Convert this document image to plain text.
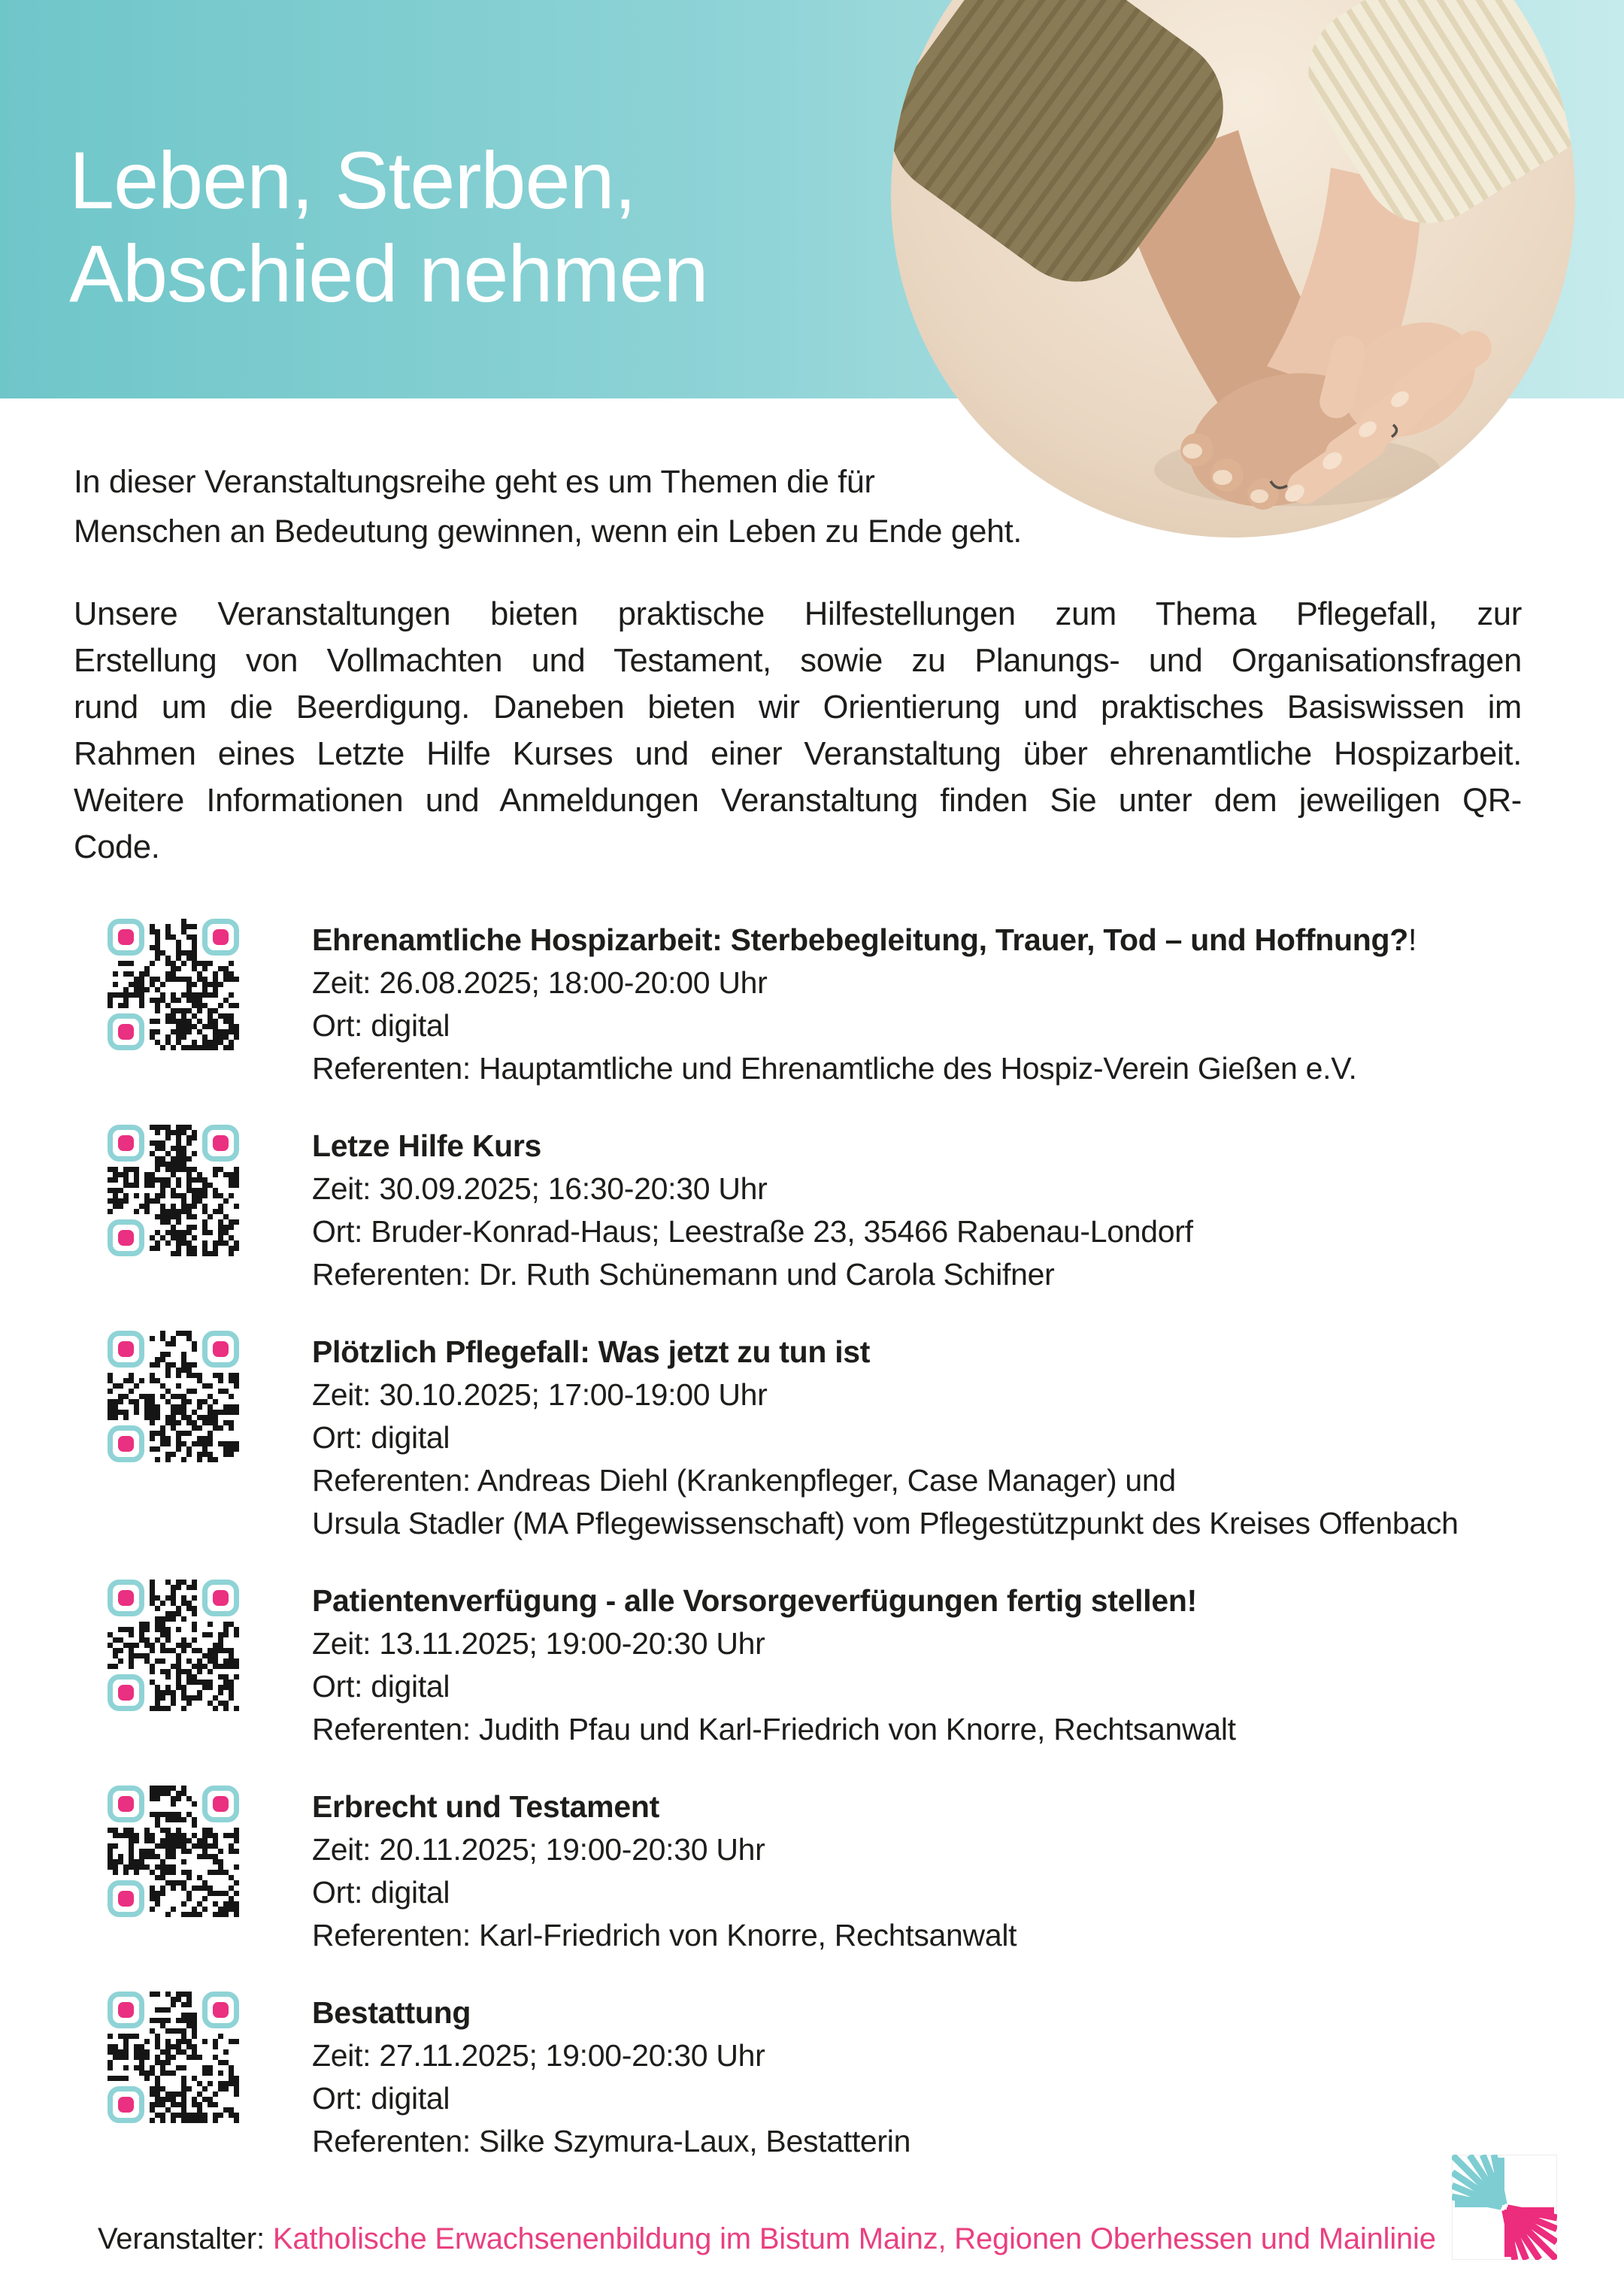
Leben, Sterben,
Abschied nehmen
In dieser Veranstaltungsreihe geht es um Themen die für
Menschen an Bedeutung gewinnen, wenn ein Leben zu Ende geht.
Unsere Veranstaltungen bieten praktische Hilfestellungen zum Thema Pflegefall, zur
Erstellung von Vollmachten und Testament, sowie zu Planungs- und Organisationsfragen
rund um die Beerdigung. Daneben bieten wir Orientierung und praktisches Basiswissen im
Rahmen eines Letzte Hilfe Kurses und einer Veranstaltung über ehrenamtliche Hospizarbeit.
Weitere Informationen und Anmeldungen Veranstaltung finden Sie unter dem jeweiligen QR-
Code.
Ehrenamtliche Hospizarbeit: Sterbebegleitung, Trauer, Tod – und Hoffnung?!
Zeit: 26.08.2025; 18:00-20:00 Uhr
Ort: digital
Referenten: Hauptamtliche und Ehrenamtliche des Hospiz-Verein Gießen e.V.
Letze Hilfe Kurs
Zeit: 30.09.2025; 16:30-20:30 Uhr
Ort: Bruder-Konrad-Haus; Leestraße 23, 35466 Rabenau-Londorf
Referenten: Dr. Ruth Schünemann und Carola Schifner
Plötzlich Pflegefall: Was jetzt zu tun ist
Zeit: 30.10.2025; 17:00-19:00 Uhr
Ort: digital
Referenten: Andreas Diehl (Krankenpfleger, Case Manager) und
Ursula Stadler (MA Pflegewissenschaft) vom Pflegestützpunkt des Kreises Offenbach
Patientenverfügung - alle Vorsorgeverfügungen fertig stellen!
Zeit: 13.11.2025; 19:00-20:30 Uhr
Ort: digital
Referenten: Judith Pfau und Karl-Friedrich von Knorre, Rechtsanwalt
Erbrecht und Testament
Zeit: 20.11.2025; 19:00-20:30 Uhr
Ort: digital
Referenten: Karl-Friedrich von Knorre, Rechtsanwalt
Bestattung
Zeit: 27.11.2025; 19:00-20:30 Uhr
Ort: digital
Referenten: Silke Szymura-Laux, Bestatterin
Veranstalter: Katholische Erwachsenenbildung im Bistum Mainz, Regionen Oberhessen und Mainlinie
